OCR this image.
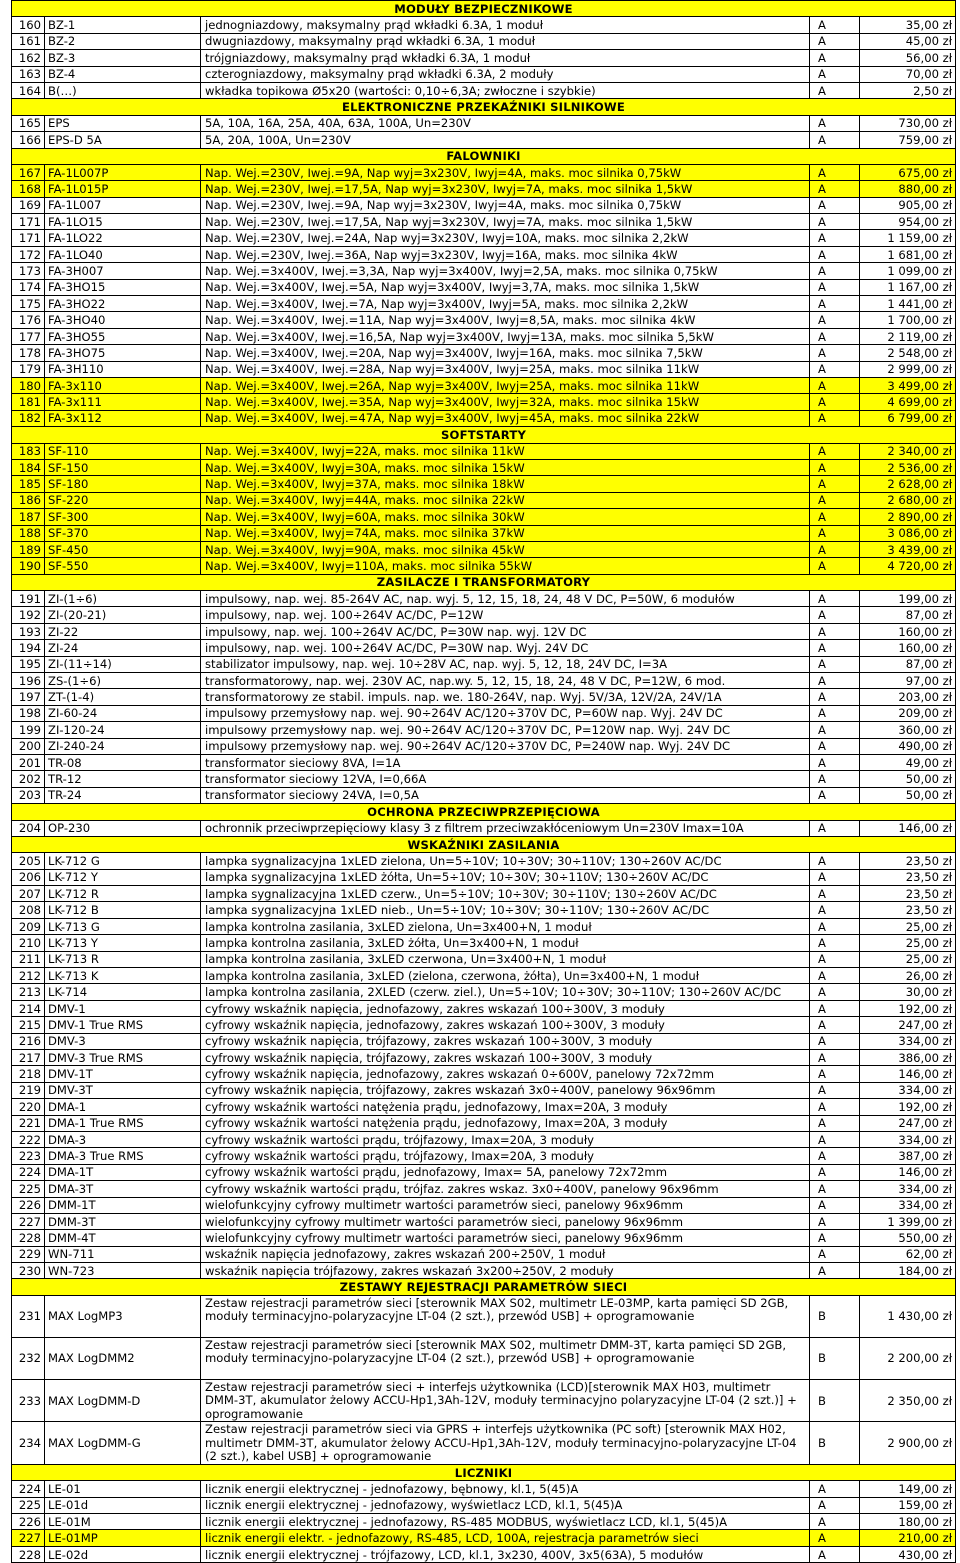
MODUŁY BEZPIECZNIKOWE				
160	BZ-1	jednogniazdowy, maksymalny prąd wkładki 6.3A, 1 moduł	A	35,00 zł
161	BZ-2	dwugniazdowy, maksymalny prąd wkładki 6.3A, 1 moduł	A	45,00 zł
162	BZ-3	trójgniazdowy, maksymalny prąd wkładki 6.3A, 1 moduł	A	56,00 zł
163	BZ-4	czterogniazdowy, maksymalny prąd wkładki 6.3A, 2 moduły	A	70,00 zł
164	B(…)	wkładka topikowa Ø5x20 (wartości: 0,10÷6,3A; zwłoczne i szybkie)	A	2,50 zł
ELEKTRONICZNE PRZEKAŹNIKI SILNIKOWE				
165	EPS	5A, 10A, 16A, 25A, 40A, 63A, 100A, Un=230V	A	730,00 zł
166	EPS-D 5A	5A, 20A, 100A, Un=230V	A	759,00 zł
FALOWNIKI				
167	FA-1L007P	Nap. Wej.=230V, Iwej.=9A, Nap wyj=3x230V, Iwyj=4A, maks. moc silnika 0,75kW	A	675,00 zł
168	FA-1L015P	Nap. Wej.=230V, Iwej.=17,5A, Nap wyj=3x230V, Iwyj=7A, maks. moc silnika 1,5kW	A	880,00 zł
169	FA-1L007	Nap. Wej.=230V, Iwej.=9A, Nap wyj=3x230V, Iwyj=4A, maks. moc silnika 0,75kW	A	905,00 zł
171	FA-1LO15	Nap. Wej.=230V, Iwej.=17,5A, Nap wyj=3x230V, Iwyj=7A, maks. moc silnika 1,5kW	A	954,00 zł
171	FA-1LO22	Nap. Wej.=230V, Iwej.=24A, Nap wyj=3x230V, Iwyj=10A, maks. moc silnika 2,2kW	A	1 159,00 zł
172	FA-1LO40	Nap. Wej.=230V, Iwej.=36A, Nap wyj=3x230V, Iwyj=16A, maks. moc silnika 4kW	A	1 681,00 zł
173	FA-3H007	Nap. Wej.=3x400V, Iwej.=3,3A, Nap wyj=3x400V, Iwyj=2,5A, maks. moc silnika 0,75kW	A	1 099,00 zł
174	FA-3HO15	Nap. Wej.=3x400V, Iwej.=5A, Nap wyj=3x400V, Iwyj=3,7A, maks. moc silnika 1,5kW	A	1 167,00 zł
175	FA-3HO22	Nap. Wej.=3x400V, Iwej.=7A, Nap wyj=3x400V, Iwyj=5A, maks. moc silnika 2,2kW	A	1 441,00 zł
176	FA-3HO40	Nap. Wej.=3x400V, Iwej.=11A, Nap wyj=3x400V, Iwyj=8,5A, maks. moc silnika 4kW	A	1 700,00 zł
177	FA-3HO55	Nap. Wej.=3x400V, Iwej.=16,5A, Nap wyj=3x400V, Iwyj=13A, maks. moc silnika 5,5kW	A	2 119,00 zł
178	FA-3HO75	Nap. Wej.=3x400V, Iwej.=20A, Nap wyj=3x400V, Iwyj=16A, maks. moc silnika 7,5kW	A	2 548,00 zł
179	FA-3H110	Nap. Wej.=3x400V, Iwej.=28A, Nap wyj=3x400V, Iwyj=25A, maks. moc silnika 11kW	A	2 999,00 zł
180	FA-3x110	Nap. Wej.=3x400V, Iwej.=26A, Nap wyj=3x400V, Iwyj=25A, maks. moc silnika 11kW	A	3 499,00 zł
181	FA-3x111	Nap. Wej.=3x400V, Iwej.=35A, Nap wyj=3x400V, Iwyj=32A, maks. moc silnika 15kW	A	4 699,00 zł
182	FA-3x112	Nap. Wej.=3x400V, Iwej.=47A, Nap wyj=3x400V, Iwyj=45A, maks. moc silnika 22kW	A	6 799,00 zł
SOFTSTARTY				
183	SF-110	Nap. Wej.=3x400V, Iwyj=22A, maks. moc silnika 11kW	A	2 340,00 zł
184	SF-150	Nap. Wej.=3x400V, Iwyj=30A, maks. moc silnika 15kW	A	2 536,00 zł
185	SF-180	Nap. Wej.=3x400V, Iwyj=37A, maks. moc silnika 18kW	A	2 628,00 zł
186	SF-220	Nap. Wej.=3x400V, Iwyj=44A, maks. moc silnika 22kW	A	2 680,00 zł
187	SF-300	Nap. Wej.=3x400V, Iwyj=60A, maks. moc silnika 30kW	A	2 890,00 zł
188	SF-370	Nap. Wej.=3x400V, Iwyj=74A, maks. moc silnika 37kW	A	3 086,00 zł
189	SF-450	Nap. Wej.=3x400V, Iwyj=90A, maks. moc silnika 45kW	A	3 439,00 zł
190	SF-550	Nap. Wej.=3x400V, Iwyj=110A, maks. moc silnika 55kW	A	4 720,00 zł
ZASILACZE I TRANSFORMATORY				
191	ZI-(1÷6)	impulsowy, nap. wej. 85-264V AC, nap. wyj. 5, 12, 15, 18, 24, 48 V DC, P=50W, 6 modułów	A	199,00 zł
192	ZI-(20-21)	impulsowy, nap. wej. 100÷264V AC/DC, P=12W	A	87,00 zł
193	ZI-22	impulsowy, nap. wej. 100÷264V AC/DC, P=30W nap. wyj. 12V DC	A	160,00 zł
194	ZI-24	impulsowy, nap. wej. 100÷264V AC/DC, P=30W nap. Wyj. 24V DC	A	160,00 zł
195	ZI-(11÷14)	stabilizator impulsowy, nap. wej. 10÷28V AC, nap. wyj. 5, 12, 18, 24V DC, I=3A	A	87,00 zł
196	ZS-(1÷6)	transformatorowy, nap. wej. 230V AC, nap.wy. 5, 12, 15, 18, 24, 48 V DC, P=12W, 6 mod.	A	97,00 zł
197	ZT-(1-4)	transformatorowy ze stabil. impuls. nap. we. 180-264V, nap. Wyj. 5V/3A, 12V/2A, 24V/1A	A	203,00 zł
198	ZI-60-24	impulsowy przemysłowy nap. wej. 90÷264V AC/120÷370V DC, P=60W nap. Wyj. 24V DC	A	209,00 zł
199	ZI-120-24	impulsowy przemysłowy nap. wej. 90÷264V AC/120÷370V DC, P=120W nap. Wyj. 24V DC	A	360,00 zł
200	ZI-240-24	impulsowy przemysłowy nap. wej. 90÷264V AC/120÷370V DC, P=240W nap. Wyj. 24V DC	A	490,00 zł
201	TR-08	transformator sieciowy 8VA, I=1A	A	49,00 zł
202	TR-12	transformator sieciowy 12VA, I=0,66A	A	50,00 zł
203	TR-24	transformator sieciowy 24VA, I=0,5A	A	50,00 zł
OCHRONA PRZECIWPRZEPIĘCIOWA				
204	OP-230	ochronnik przeciwprzepięciowy klasy 3 z filtrem przeciwzakłóceniowym Un=230V Imax=10A	A	146,00 zł
WSKAŹNIKI ZASILANIA				
205	LK-712 G	lampka sygnalizacyjna 1xLED zielona, Un=5÷10V; 10÷30V; 30÷110V; 130÷260V AC/DC	A	23,50 zł
206	LK-712 Y	lampka sygnalizacyjna 1xLED żółta, Un=5÷10V; 10÷30V; 30÷110V; 130÷260V AC/DC	A	23,50 zł
207	LK-712 R	lampka sygnalizacyjna 1xLED czerw., Un=5÷10V; 10÷30V; 30÷110V; 130÷260V AC/DC	A	23,50 zł
208	LK-712 B	lampka sygnalizacyjna 1xLED nieb., Un=5÷10V; 10÷30V; 30÷110V; 130÷260V AC/DC	A	23,50 zł
209	LK-713 G	lampka kontrolna zasilania, 3xLED zielona, Un=3x400+N, 1 moduł	A	25,00 zł
210	LK-713 Y	lampka kontrolna zasilania, 3xLED żółta, Un=3x400+N, 1 moduł	A	25,00 zł
211	LK-713 R	lampka kontrolna zasilania, 3xLED czerwona, Un=3x400+N, 1 moduł	A	25,00 zł
212	LK-713 K	lampka kontrolna zasilania, 3xLED (zielona, czerwona, żółta), Un=3x400+N, 1 moduł	A	26,00 zł
213	LK-714	lampka kontrolna zasilania, 2XLED (czerw. ziel.), Un=5÷10V; 10÷30V; 30÷110V; 130÷260V AC/DC	A	30,00 zł
214	DMV-1	cyfrowy wskaźnik napięcia, jednofazowy, zakres wskazań 100÷300V, 3 moduły	A	192,00 zł
215	DMV-1 True RMS	cyfrowy wskaźnik napięcia, jednofazowy, zakres wskazań 100÷300V, 3 moduły	A	247,00 zł
216	DMV-3	cyfrowy wskaźnik napięcia, trójfazowy, zakres wskazań 100÷300V, 3 moduły	A	334,00 zł
217	DMV-3 True RMS	cyfrowy wskaźnik napięcia, trójfazowy, zakres wskazań 100÷300V, 3 moduły	A	386,00 zł
218	DMV-1T	cyfrowy wskaźnik napięcia, jednofazowy, zakres wskazań 0÷600V, panelowy 72x72mm	A	146,00 zł
219	DMV-3T	cyfrowy wskaźnik napięcia, trójfazowy, zakres wskazań 3x0÷400V, panelowy 96x96mm	A	334,00 zł
220	DMA-1	cyfrowy wskaźnik wartości natężenia prądu, jednofazowy, Imax=20A, 3 moduły	A	192,00 zł
221	DMA-1 True RMS	cyfrowy wskaźnik wartości natężenia prądu, jednofazowy, Imax=20A, 3 moduły	A	247,00 zł
222	DMA-3	cyfrowy wskaźnik wartości prądu, trójfazowy, Imax=20A, 3 moduły	A	334,00 zł
223	DMA-3 True RMS	cyfrowy wskaźnik wartości prądu, trójfazowy, Imax=20A, 3 moduły	A	387,00 zł
224	DMA-1T	cyfrowy wskaźnik wartości prądu, jednofazowy, Imax= 5A, panelowy 72x72mm	A	146,00 zł
225	DMA-3T	cyfrowy wskaźnik wartości prądu, trójfaz. zakres wskaz. 3x0÷400V, panelowy 96x96mm	A	334,00 zł
226	DMM-1T	wielofunkcyjny cyfrowy multimetr wartości parametrów sieci, panelowy 96x96mm	A	334,00 zł
227	DMM-3T	wielofunkcyjny cyfrowy multimetr wartości parametrów sieci, panelowy 96x96mm	A	1 399,00 zł
228	DMM-4T	wielofunkcyjny cyfrowy multimetr wartości parametrów sieci, panelowy 96x96mm	A	550,00 zł
229	WN-711	wskaźnik napięcia jednofazowy, zakres wskazań 200÷250V, 1 moduł	A	62,00 zł
230	WN-723	wskaźnik napięcia trójfazowy, zakres wskazań 3x200÷250V, 2 moduły	A	184,00 zł
ZESTAWY REJESTRACJI PARAMETRÓW SIECI				
231	MAX LogMP3	Zestaw rejestracji parametrów sieci [sterownik MAX S02, multimetr LE-03MP, karta pamięci SD 2GB, moduły terminacyjno-polaryzacyjne LT-04 (2 szt.), przewód USB] + oprogramowanie	B	1 430,00 zł
232	MAX LogDMM2	Zestaw rejestracji parametrów sieci [sterownik MAX S02, multimetr DMM-3T, karta pamięci SD 2GB, moduły terminacyjno-polaryzacyjne LT-04 (2 szt.), przewód USB] + oprogramowanie	B	2 200,00 zł
233	MAX LogDMM-D	Zestaw rejestracji parametrów sieci + interfejs użytkownika (LCD)[sterownik MAX H03, multimetr DMM-3T, akumulator żelowy ACCU-Hp1,3Ah-12V, moduły terminacyjno polaryzacyjne LT-04 (2 szt.)] + oprogramowanie	B	2 350,00 zł
234	MAX LogDMM-G	Zestaw rejestracji parametrów sieci via GPRS + interfejs użytkownika (PC soft) [sterownik MAX H02, multimetr DMM-3T, akumulator żelowy ACCU-Hp1,3Ah-12V, moduły terminacyjno-polaryzacyjne LT-04 (2 szt.), kabel USB] + oprogramowanie	B	2 900,00 zł
LICZNIKI				
224	LE-01	licznik energii elektrycznej - jednofazowy, bębnowy, kl.1, 5(45)A	A	149,00 zł
225	LE-01d	licznik energii elektrycznej - jednofazowy, wyświetlacz LCD, kl.1, 5(45)A	A	159,00 zł
226	LE-01M	licznik energii elektrycznej - jednofazowy, RS-485 MODBUS, wyświetlacz LCD, kl.1, 5(45)A	A	180,00 zł
227	LE-01MP	licznik energii elektr. - jednofazowy, RS-485, LCD, 100A, rejestracja parametrów sieci	A	210,00 zł
228	LE-02d	licznik energii elektrycznej - trójfazowy, LCD, kl.1, 3x230, 400V, 3x5(63A), 5 modułów	A	430,00 zł
